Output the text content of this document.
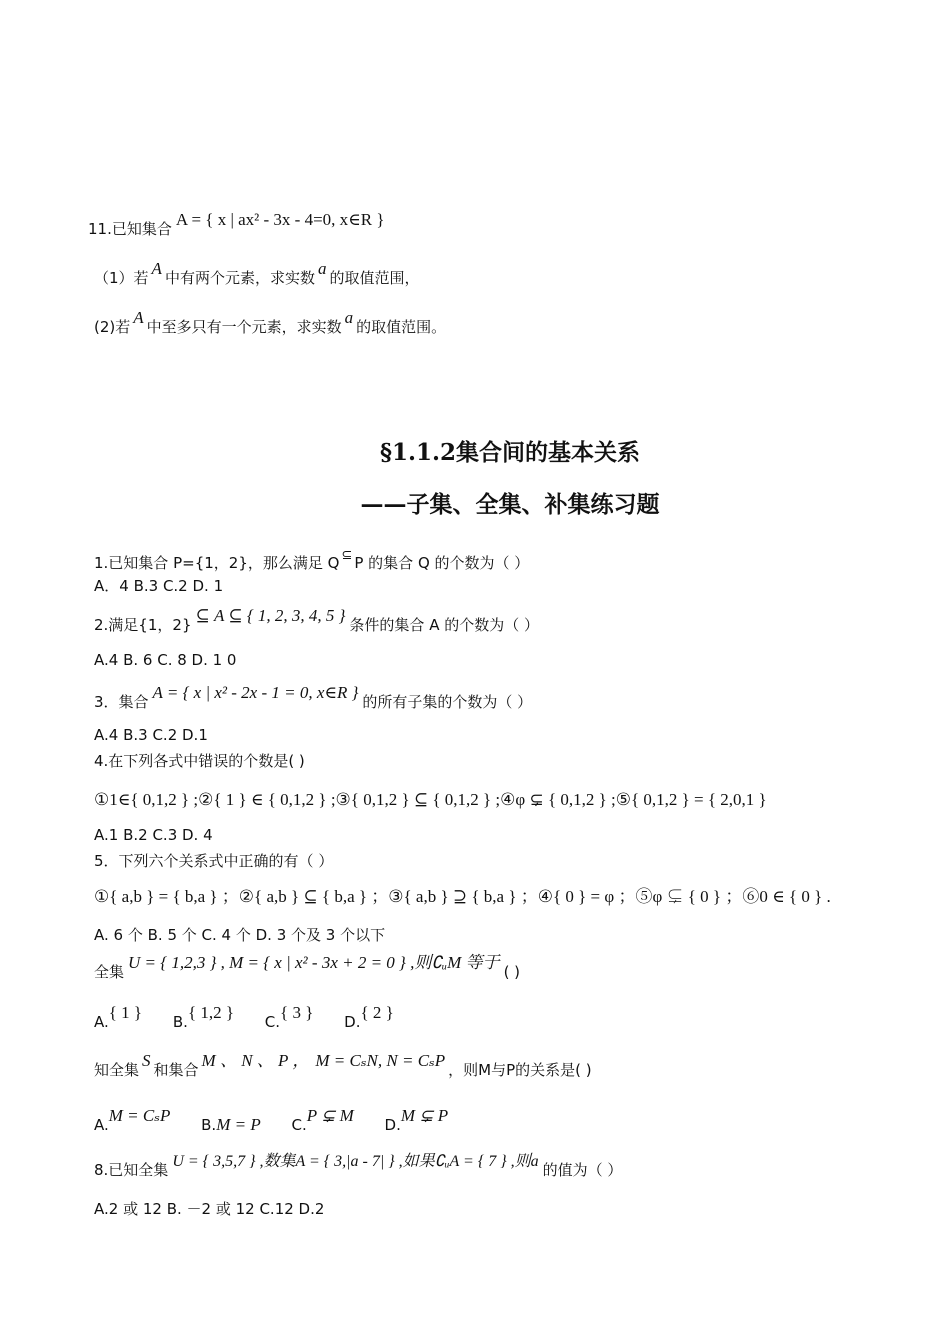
11.已知集合 A = { x | ax² - 3x - 4=0, x∈R }
（1）若 A 中有两个元素，求实数 a 的取值范围，
(2)若 A 中至多只有一个元素，求实数 a 的取值范围。
§1.1.2集合间的基本关系
——子集、全集、补集练习题
1.已知集合 P={1，2}，那么满足 Q ⊆ P 的集合 Q 的个数为（ ）
A．4 B.3 C.2 D. 1
2.满足{1，2} ⊆ A ⊆ { 1, 2, 3, 4, 5 } 条件的集合 A 的个数为（ ）
A.4 B. 6 C. 8 D. 1 0
3．集合 A = { x | x² - 2x - 1 = 0, x∈R } 的所有子集的个数为（ ）
A.4 B.3 C.2 D.1
4.在下列各式中错误的个数是( )
①1∈{ 0,1,2 } ;②{ 1 } ∈ { 0,1,2 } ;③{ 0,1,2 } ⊆ { 0,1,2 } ;④φ ⊊ { 0,1,2 } ;⑤{ 0,1,2 } = { 2,0,1 }
A.1 B.2 C.3 D. 4
5．下列六个关系式中正确的有（ ）
①{ a,b } = { b,a } ；②{ a,b } ⊆ { b,a } ；③{ a,b } ⊇ { b,a } ；④{ 0 } = φ ；⑤φ ⊊ { 0 } ；⑥0 ∈ { 0 } .
A. 6 个 B. 5 个 C. 4 个 D. 3 个及 3 个以下
全集 U = { 1,2,3 } , M = { x | x² - 3x + 2 = 0 } ,则∁ᵤM 等于 ( )
A.{ 1 } B.{ 1,2 } C.{ 3 } D.{ 2 }
知全集 S 和集合 M 、 N 、 P ， M = CₛN, N = CₛP ，则M与P的关系是( )
A.M = CₛP B.M = P C.P ⊊ M D.M ⊊ P
8.已知全集 U = { 3,5,7 } ,数集A = { 3,|a - 7| } ,如果∁ᵤA = { 7 } ,则a 的值为（ ）
A.2 或 12 B. －2 或 12 C.12 D.2
